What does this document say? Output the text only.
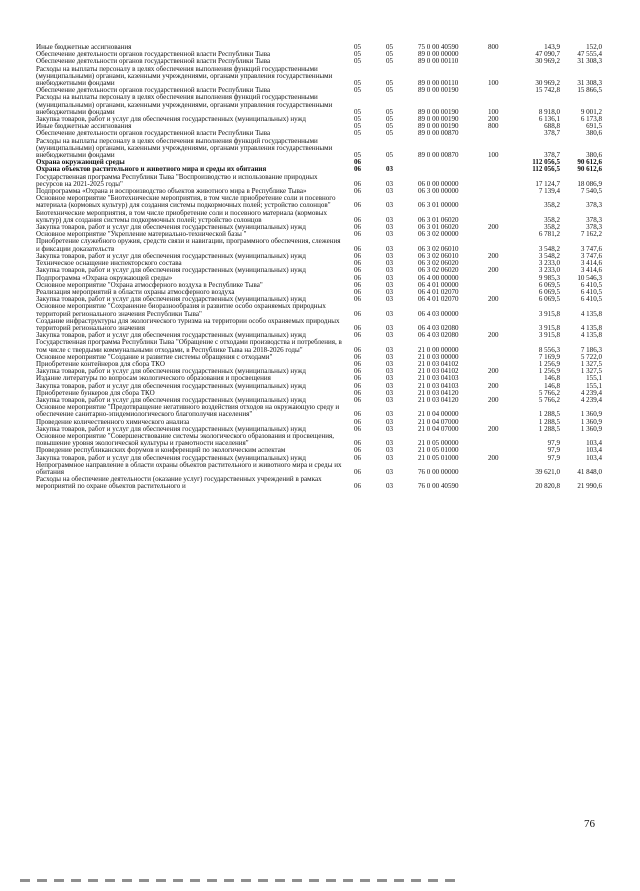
Иные бюджетные ассигнования	05	05	75 0 00 40590	800	143,9	152,0
Обеспечение деятельности органов государственной власти Республики Тыва	05	05	89 0 00 00000		47 090,7	47 555,4
Обеспечение деятельности органов государственной власти Республики Тыва	05	05	89 0 00 00110		30 969,2	31 308,3
Расходы на выплаты персоналу в целях обеспечения выполнения функций государственными (муниципальными) органами, казенными учреждениями, органами управления государственными внебюджетными фондами	05	05	89 0 00 00110	100	30 969,2	31 308,3
Обеспечение деятельности органов государственной власти Республики Тыва	05	05	89 0 00 00190		15 742,8	15 866,5
Расходы на выплаты персоналу в целях обеспечения выполнения функций государственными (муниципальными) органами, казенными учреждениями, органами управления государственными внебюджетными фондами	05	05	89 0 00 00190	100	8 918,0	9 001,2
Закупка товаров, работ и услуг для обеспечения государственных (муниципальных) нужд	05	05	89 0 00 00190	200	6 136,1	6 173,8
Иные бюджетные ассигнования	05	05	89 0 00 00190	800	688,8	691,5
Обеспечение деятельности органов государственной власти Республики Тыва	05	05	89 0 00 00870		378,7	380,6
Расходы на выплаты персоналу в целях обеспечения выполнения функций государственными (муниципальными) органами, казенными учреждениями, органами управления государственными внебюджетными фондами	05	05	89 0 00 00870	100	378,7	380,6
Охрана окружающей среды	06				112 056,5	90 612,6
Охрана объектов растительного и животного мира и среды их обитания	06	03			112 056,5	90 612,6
Государственная программа Республики Тыва "Воспроизводство и использование природных ресурсов на 2021-2025 годы"	06	03	06 0 00 00000		17 124,7	18 086,9
Подпрограмма «Охрана и воспроизводство объектов животного мира в Республике Тыва»	06	03	06 3 00 00000		7 139,4	7 540,5
Основное мероприятие "Биотехнические мероприятия, в том числе приобретение соли и посевного материала (кормовых культур) для создания системы подкормочных полей; устройство солонцов"	06	03	06 3 01 00000		358,2	378,3
Биотехнические мероприятия, в том числе приобретение соли и посевного материала (кормовых культур) для создания системы подкормочных полей; устройство солонцов	06	03	06 3 01 06020		358,2	378,3
Закупка товаров, работ и услуг для обеспечения государственных (муниципальных) нужд	06	03	06 3 01 06020	200	358,2	378,3
Основное мероприятие "Укрепление материально-технической базы "	06	03	06 3 02 00000		6 781,2	7 162,2
Приобретение служебного оружия, средств связи и навигации, программного обеспечения, слежения и фиксации доказательств	06	03	06 3 02 06010		3 548,2	3 747,6
Закупка товаров, работ и услуг для обеспечения государственных (муниципальных) нужд	06	03	06 3 02 06010	200	3 548,2	3 747,6
Техническое оснащение инспекторского состава	06	03	06 3 02 06020		3 233,0	3 414,6
Закупка товаров, работ и услуг для обеспечения государственных (муниципальных) нужд	06	03	06 3 02 06020	200	3 233,0	3 414,6
Подпрограмма «Охрана окружающей среды»	06	03	06 4 00 00000		9 985,3	10 546,3
Основное мероприятие "Охрана атмосферного воздуха в Республике Тыва"	06	03	06 4 01 00000		6 069,5	6 410,5
Реализация мероприятий в области охраны атмосферного воздуха	06	03	06 4 01 02070		6 069,5	6 410,5
Закупка товаров, работ и услуг для обеспечения государственных (муниципальных) нужд	06	03	06 4 01 02070	200	6 069,5	6 410,5
Основное мероприятие "Сохранение биоразнообразия и развитие особо охраняемых природных территорий регионального значения Республики Тыва"	06	03	06 4 03 00000		3 915,8	4 135,8
Создание инфраструктуры для экологического туризма на территории особо охраняемых природных территорий регионального значения	06	03	06 4 03 02080		3 915,8	4 135,8
Закупка товаров, работ и услуг для обеспечения государственных (муниципальных) нужд	06	03	06 4 03 02080	200	3 915,8	4 135,8
Государственная программа Республики Тыва "Обращение с отходами производства и потребления, в том числе с твердыми коммунальными отходами, в Республике Тыва на 2018-2026 годы"	06	03	21 0 00 00000		8 556,3	7 186,3
Основное мероприятие "Создание и развитие системы обращения с отходами"	06	03	21 0 03 00000		7 169,9	5 722,0
Приобретение контейнеров для сбора ТКО	06	03	21 0 03 04102		1 256,9	1 327,5
Закупка товаров, работ и услуг для обеспечения государственных (муниципальных) нужд	06	03	21 0 03 04102	200	1 256,9	1 327,5
Издание литературы по вопросам экологического образования и просвещения	06	03	21 0 03 04103		146,8	155,1
Закупка товаров, работ и услуг для обеспечения государственных (муниципальных) нужд	06	03	21 0 03 04103	200	146,8	155,1
Приобретение бункеров для сбора ТКО	06	03	21 0 03 04120		5 766,2	4 239,4
Закупка товаров, работ и услуг для обеспечения государственных (муниципальных) нужд	06	03	21 0 03 04120	200	5 766,2	4 239,4
Основное мероприятие "Предотвращение негативного воздействия отходов на окружающую среду и обеспечение санитарно-эпидемиологического благополучия населения"	06	03	21 0 04 00000		1 288,5	1 360,9
Проведение количественного химического анализа	06	03	21 0 04 07000		1 288,5	1 360,9
Закупка товаров, работ и услуг для обеспечения государственных (муниципальных) нужд	06	03	21 0 04 07000	200	1 288,5	1 360,9
Основное мероприятие "Совершенствование системы экологического образования и просвещения, повышение уровня экологической культуры и грамотности населения"	06	03	21 0 05 00000		97,9	103,4
Проведение республиканских форумов и конференций по экологическим аспектам	06	03	21 0 05 01000		97,9	103,4
Закупка товаров, работ и услуг для обеспечения государственных (муниципальных) нужд	06	03	21 0 05 01000	200	97,9	103,4
Непрограммное направление в области охраны объектов растительного и животного мира и среды их обитания	06	03	76 0 00 00000		39 621,0	41 848,0
Расходы на обеспечение деятельности (оказание услуг) государственных учреждений в рамках мероприятий по охране объектов растительного и	06	03	76 0 00 40590		20 820,8	21 990,6
76
